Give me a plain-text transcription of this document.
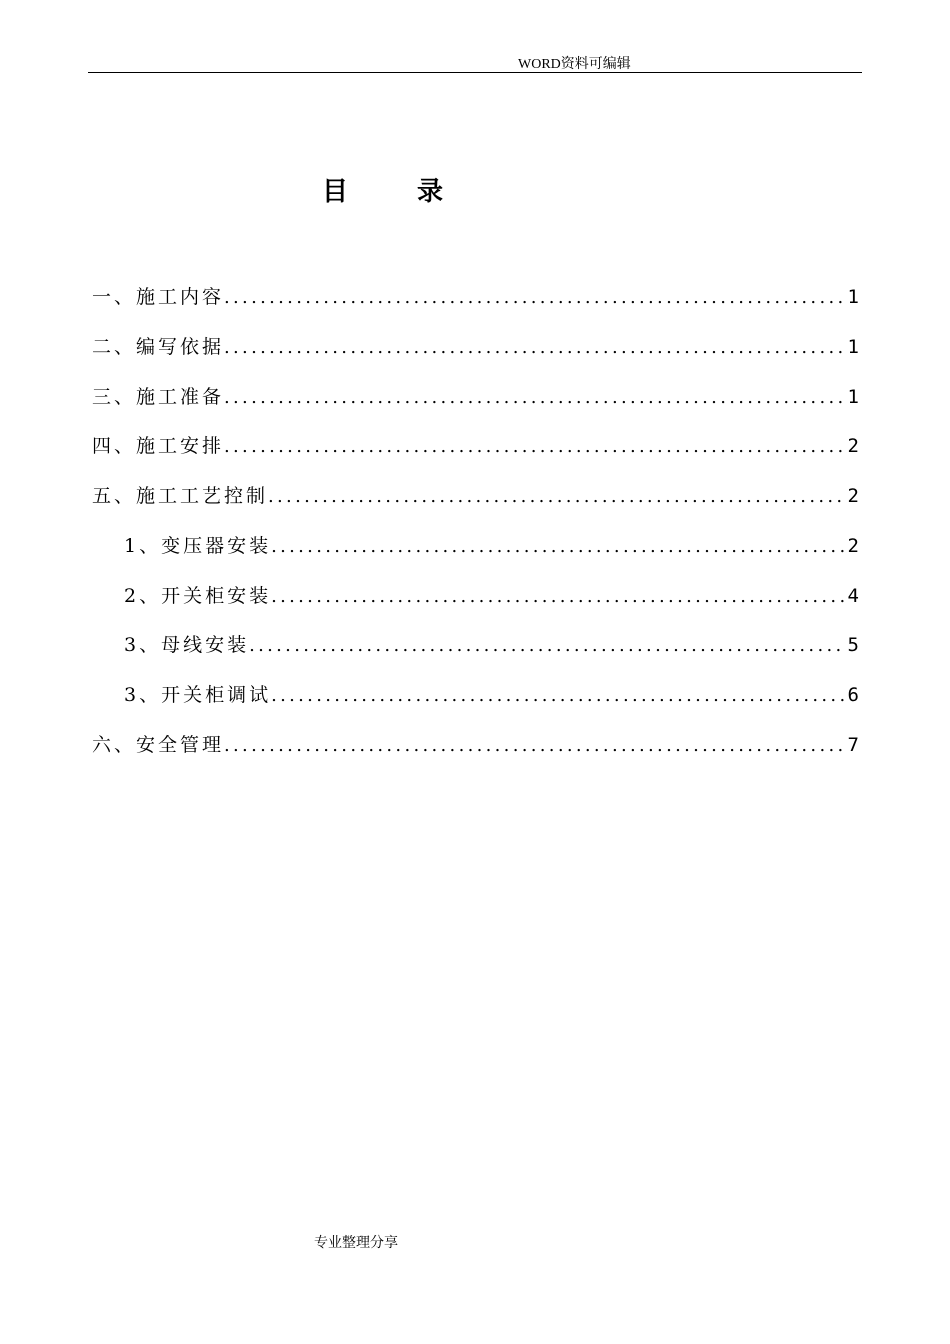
WORD资料可编辑
目 录
一、施工内容 .....	1
二、编写依据 .....	1
三、施工准备 .....	1
四、施工安排 .....	2
五、施工工艺控制 .....	2
1、变压器安装 .....	2
2、开关柜安装 .....	4
3、母线安装 .....	5
3、开关柜调试 .....	6
六、安全管理 .....	7
专业整理分享
